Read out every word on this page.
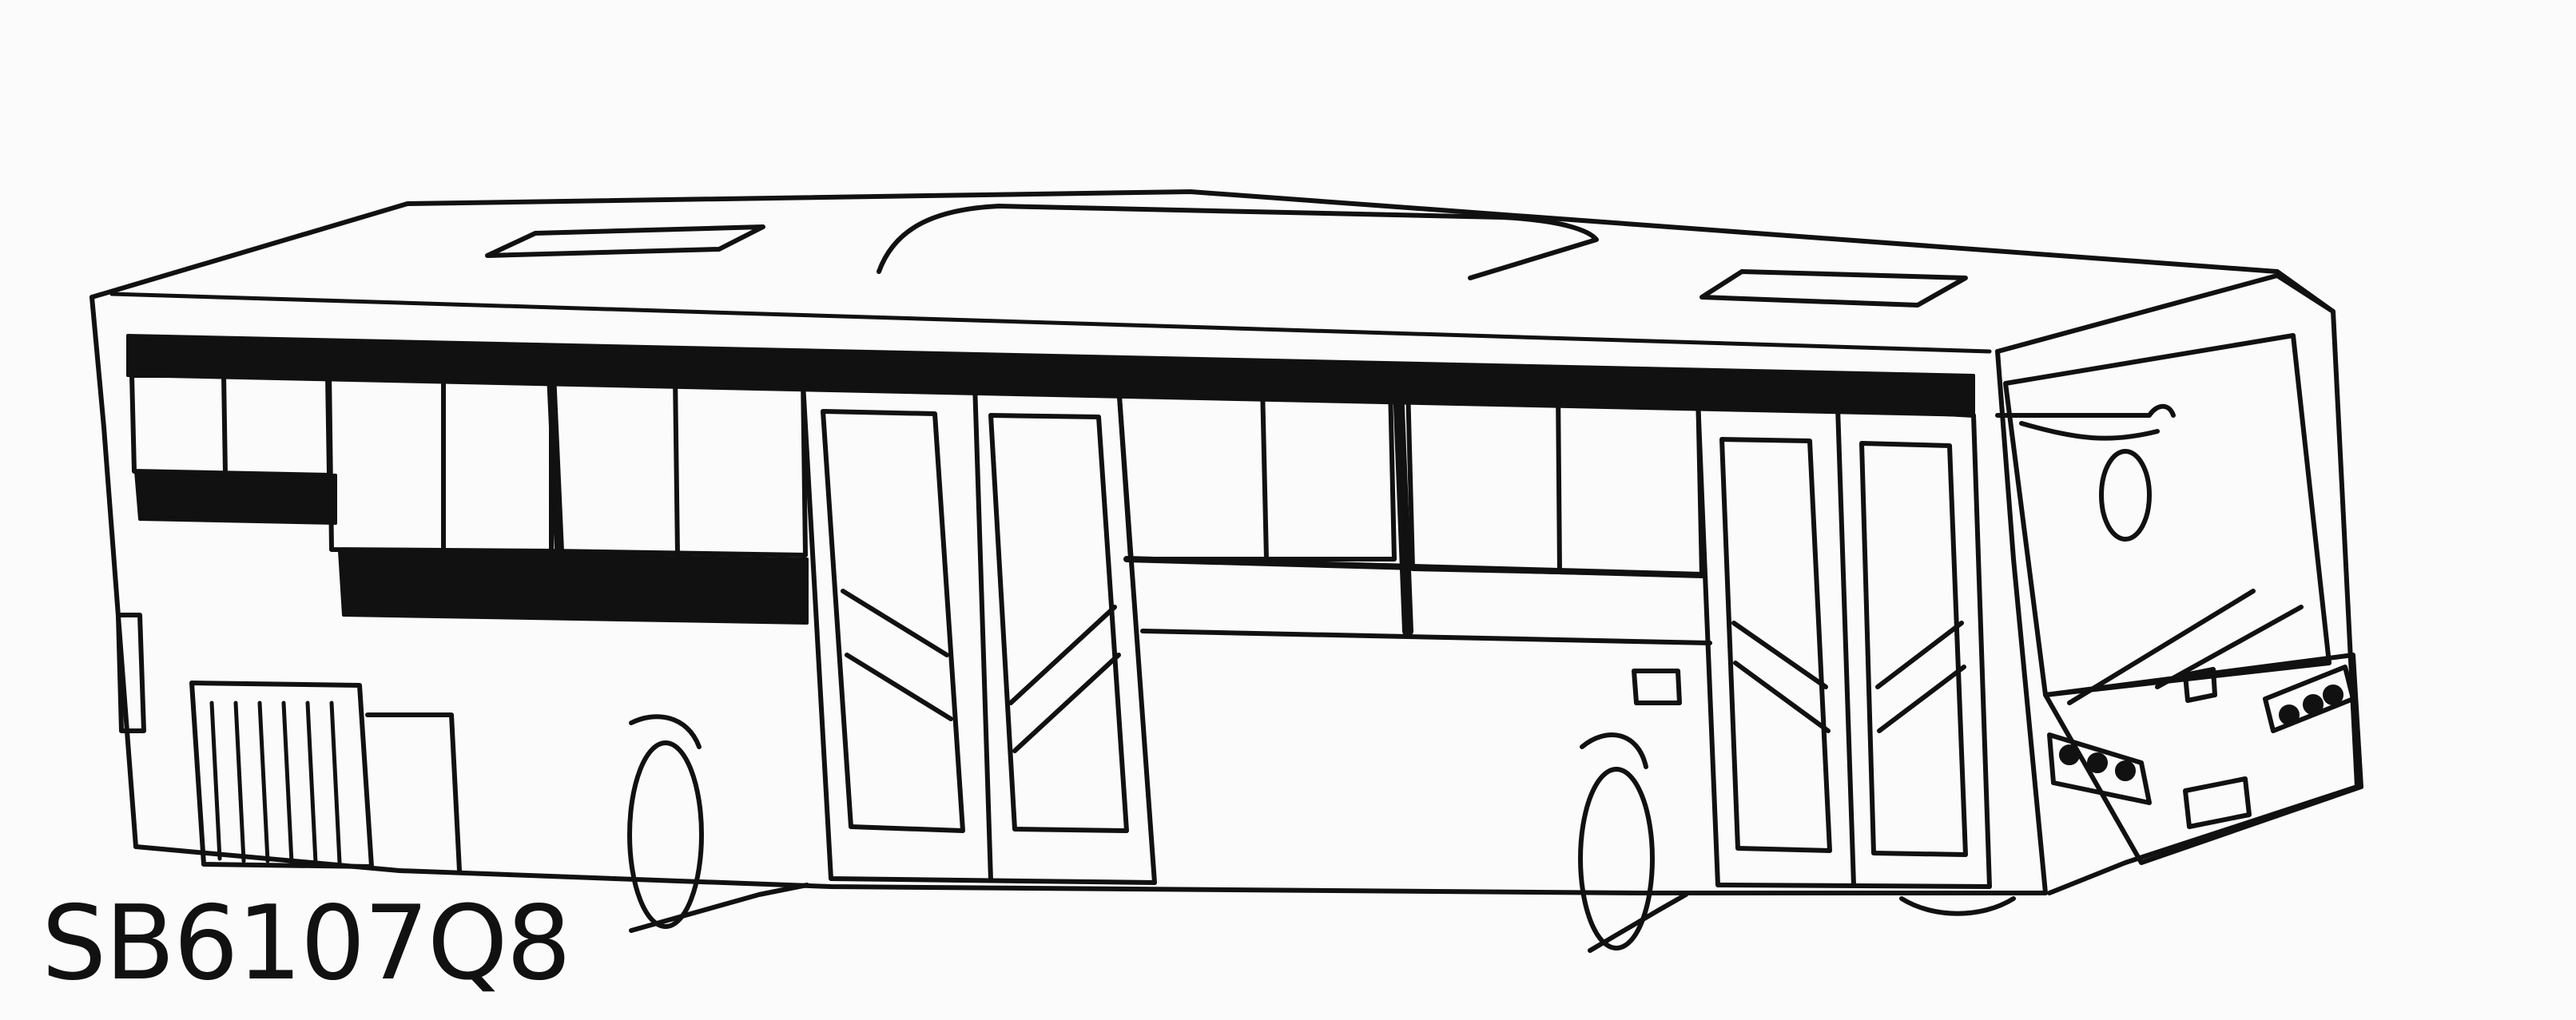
SB6107Q8
